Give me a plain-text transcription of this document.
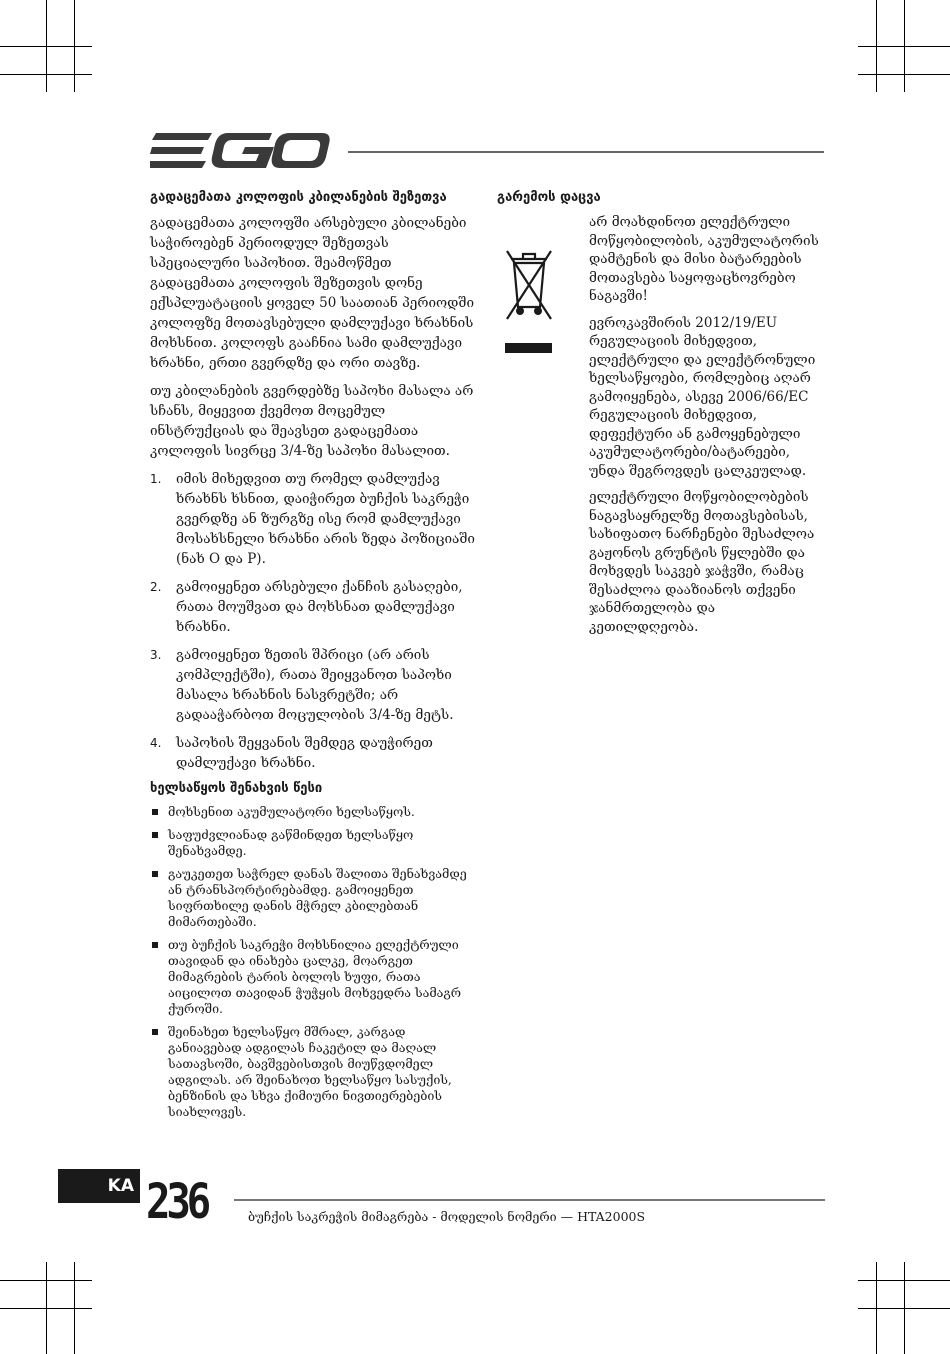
გადაცემათა კოლოფის კბილანების შეზეთვა

გადაცემათა კოლოფში არსებული კბილანები საჭიროებენ პერიოდულ შეზეთვას სპეციალური საპოხით. შეამოწმეთ გადაცემათა კოლოფის შეზეთვის დონე ექსპლუატაციის ყოველ 50 საათიან პერიოდში კოლოფზე მოთავსებული დამლუქავი ხრახნის მოხსნით. კოლოფს გააჩნია სამი დამლუქავი ხრახნი, ერთი გვერდზე და ორი თავზე.

თუ კბილანების გვერდებზე საპოხი მასალა არ სჩანს, მიყევით ქვემოთ მოცემულ ინსტრუქციას და შეავსეთ გადაცემათა კოლოფის სივრცე 3/4-ზე საპოხი მასალით.

1. იმის მიხედვით თუ რომელ დამლუქავ ხრახნს ხსნით, დაიჭირეთ ბუჩქის საკრეჭი გვერდზე ან ზურგზე ისე რომ დამლუქავი მოსახსნელი ხრახნი არის ზედა პოზიციაში (ნახ O და P).
2. გამოიყენეთ არსებული ქანჩის გასაღები, რათა მოუშვათ და მოხსნათ დამლუქავი ხრახნი.
3. გამოიყენეთ ზეთის შპრიცი (არ არის კომპლექტში), რათა შეიყვანოთ საპოხი მასალა ხრახნის ნასვრეტში; არ გადააჭარბოთ მოცულობის 3/4-ზე მეტს.
4. საპოხის შეყვანის შემდეგ დაუჭირეთ დამლუქავი ხრახნი.
ხელსაწყოს შენახვის წესი
მოხსენით აკუმულატორი ხელსაწყოს.
საფუძვლიანად გაწმინდეთ ხელსაწყო შენახვამდე.
გაუკეთეთ საჭრელ დანას შალითა შენახვამდე ან ტრანსპორტირებამდე. გამოიყენეთ სიფრთხილე დანის მჭრელ კბილებთან მიმართებაში.
თუ ბუჩქის საკრეჭი მოხსნილია ელექტრული თავიდან და ინახება ცალკე, მოარგეთ მიმაგრების ტარის ბოლოს ხუფი, რათა აიცილოთ თავიდან ჭუჭყის მოხვედრა სამაგრ ქუროში.
შეინახეთ ხელსაწყო მშრალ, კარგად განიავებად ადგილას ჩაკეტილ და მაღალ სათავსოში, ბავშვებისთვის მიუწვდომელ ადგილას. არ შეინახოთ ხელსაწყო სასუქის, ბენზინის და სხვა ქიმიური ნივთიერებების სიახლოვეს.
გარემოს დაცვა

არ მოახდინოთ ელექტრული მოწყობილობის, აკუმულატორის დამტენის და მისი ბატარეების მოთავსება საყოფაცხოვრებო ნაგავში!

ევროკავშირის 2012/19/EU რეგულაციის მიხედვით, ელექტრული და ელექტრონული ხელსაწყოები, რომლებიც აღარ გამოიყენება, ასევე 2006/66/EC რეგულაციის მიხედვით, დეფექტური ან გამოყენებული აკუმულატორები/ბატარეები, უნდა შეგროვდეს ცალკეულად.

ელექტრული მოწყობილობების ნაგავსაყრელზე მოთავსებისას, სახიფათო ნარჩენები შესაძლოა გაჟონოს გრუნტის წყლებში და მოხვდეს საკვებ ჯაჭვში, რამაც შესაძლოა დააზიანოს თქვენი ჯანმრთელობა და კეთილდღეობა.

KA 236	ბუჩქის საკრეჭის მიმაგრება - მოდელის ნომერი — HTA2000S
